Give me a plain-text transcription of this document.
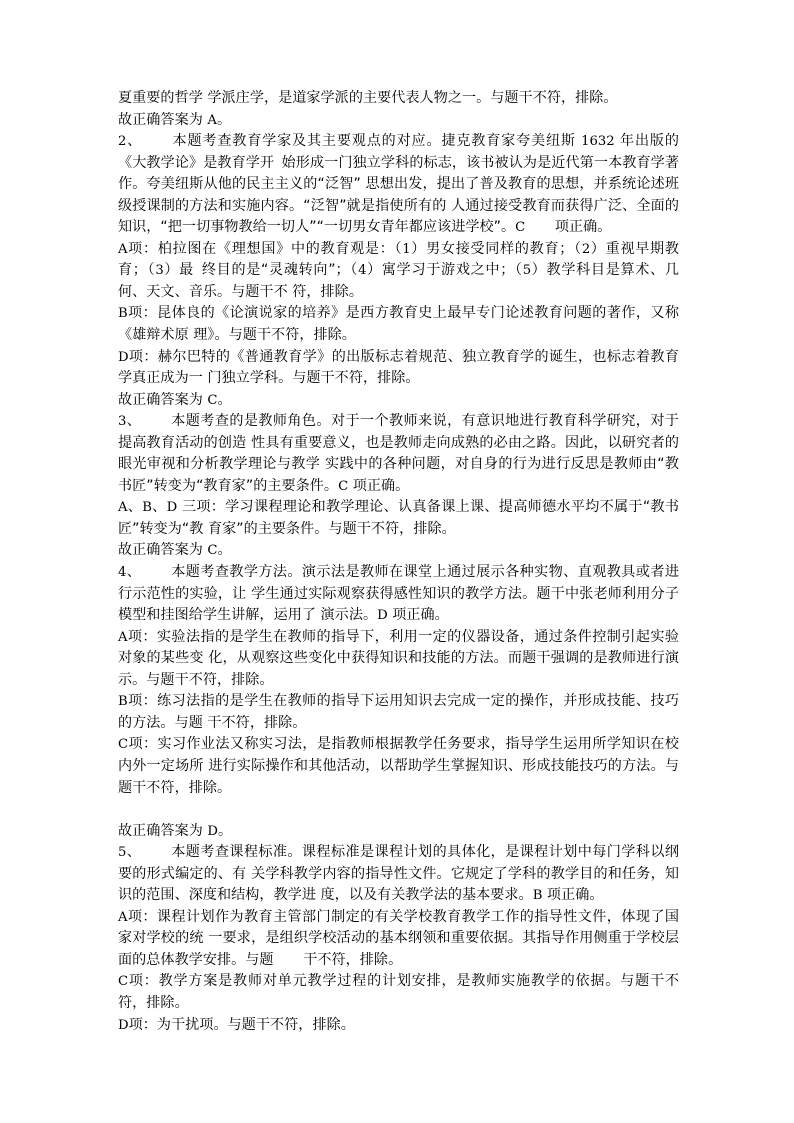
夏重要的哲学 学派庄学，是道家学派的主要代表人物之一。与题干不符，排除。

故正确答案为 A。

2、 本题考查教育学家及其主要观点的对应。捷克教育家夸美纽斯 1632 年出版的《大教学论》是教育学开 始形成一门独立学科的标志，该书被认为是近代第一本教育学著作。夸美纽斯从他的民主主义的“泛智” 思想出发，提出了普及教育的思想，并系统论述班级授课制的方法和实施内容。“泛智”就是指使所有的 人通过接受教育而获得广泛、全面的知识，“把一切事物教给一切人”“一切男女青年都应该进学校”。C 项正确。

A项：柏拉图在《理想国》中的教育观是：（1）男女接受同样的教育；（2）重视早期教育；（3）最 终目的是“灵魂转向”；（4）寓学习于游戏之中；（5）教学科目是算术、几何、天文、音乐。与题干不 符，排除。

B项：昆体良的《论演说家的培养》是西方教育史上最早专门论述教育问题的著作，又称《雄辩术原 理》。与题干不符，排除。

D项：赫尔巴特的《普通教育学》的出版标志着规范、独立教育学的诞生，也标志着教育学真正成为一 门独立学科。与题干不符，排除。

故正确答案为 C。

3、 本题考查的是教师角色。对于一个教师来说，有意识地进行教育科学研究，对于提高教育活动的创造 性具有重要意义，也是教师走向成熟的必由之路。因此，以研究者的眼光审视和分析教学理论与教学 实践中的各种问题，对自身的行为进行反思是教师由“教书匠”转变为“教育家”的主要条件。C 项正确。

A、B、D 三项：学习课程理论和教学理论、认真备课上课、提高师德水平均不属于“教书匠”转变为“教 育家”的主要条件。与题干不符，排除。

故正确答案为 C。

4、 本题考查教学方法。演示法是教师在课堂上通过展示各种实物、直观教具或者进行示范性的实验，让 学生通过实际观察获得感性知识的教学方法。题干中张老师利用分子模型和挂图给学生讲解，运用了 演示法。D 项正确。

A项：实验法指的是学生在教师的指导下，利用一定的仪器设备，通过条件控制引起实验对象的某些变 化，从观察这些变化中获得知识和技能的方法。而题干强调的是教师进行演示。与题干不符，排除。

B项：练习法指的是学生在教师的指导下运用知识去完成一定的操作，并形成技能、技巧的方法。与题 干不符，排除。

C项：实习作业法又称实习法，是指教师根据教学任务要求，指导学生运用所学知识在校内外一定场所 进行实际操作和其他活动，以帮助学生掌握知识、形成技能技巧的方法。与题干不符，排除。

故正确答案为 D。

5、 本题考查课程标准。课程标准是课程计划的具体化，是课程计划中每门学科以纲要的形式编定的、有 关学科教学内容的指导性文件。它规定了学科的教学目的和任务，知识的范围、深度和结构，教学进 度，以及有关教学法的基本要求。B 项正确。

A项：课程计划作为教育主管部门制定的有关学校教育教学工作的指导性文件，体现了国家对学校的统 一要求，是组织学校活动的基本纲领和重要依据。其指导作用侧重于学校层面的总体教学安排。与题 干不符，排除。

C项：教学方案是教师对单元教学过程的计划安排，是教师实施教学的依据。与题干不符，排除。

D项：为干扰项。与题干不符，排除。
